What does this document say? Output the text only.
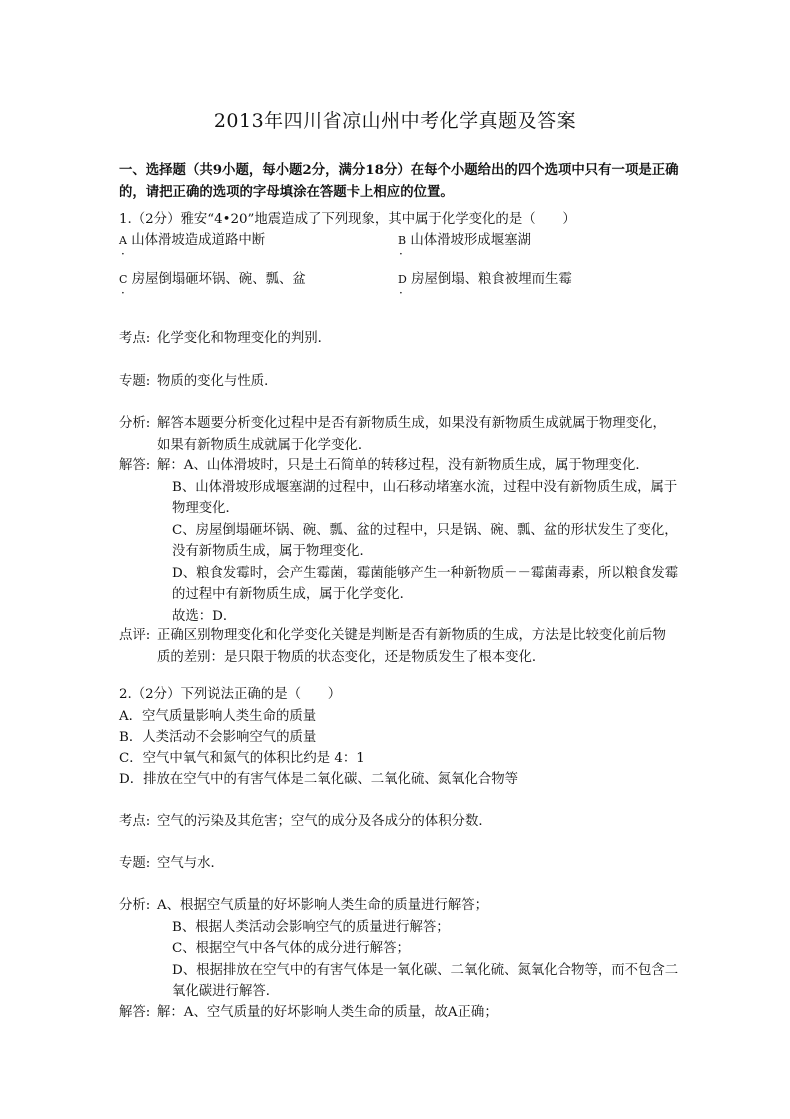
2013年四川省凉山州中考化学真题及答案
一、选择题（共9小题，每小题2分，满分18分）在每个小题给出的四个选项中只有一项是正确的，请把正确的选项的字母填涂在答题卡上相应的位置。
1.（2分）雅安“4•20”地震造成了下列现象，其中属于化学变化的是（　　）
A 山体滑坡造成道路中断	B 山体滑坡形成堰塞湖
·	·
C 房屋倒塌砸坏锅、碗、瓢、盆	D 房屋倒塌、粮食被埋而生霉
·	·
考点: 化学变化和物理变化的判别．
专题: 物质的变化与性质．
分析: 解答本题要分析变化过程中是否有新物质生成，如果没有新物质生成就属于物理变化，如果有新物质生成就属于化学变化．
解答: 解：A、山体滑坡时，只是土石简单的转移过程，没有新物质生成，属于物理变化．

B、山体滑坡形成堰塞湖的过程中，山石移动堵塞水流，过程中没有新物质生成，属于物理变化．

C、房屋倒塌砸坏锅、碗、瓢、盆的过程中，只是锅、碗、瓢、盆的形状发生了变化，没有新物质生成，属于物理变化．

D、粮食发霉时，会产生霉菌，霉菌能够产生一种新物质－－霉菌毒素，所以粮食发霉的过程中有新物质生成，属于化学变化．

故选：D．

点评: 正确区别物理变化和化学变化关键是判断是否有新物质的生成，方法是比较变化前后物质的差别：是只限于物质的状态变化，还是物质发生了根本变化．
2.（2分）下列说法正确的是（　　）
A．空气质量影响人类生命的质量
B．人类活动不会影响空气的质量
C．空气中氧气和氮气的体积比约是 4：1
D．排放在空气中的有害气体是二氧化碳、二氧化硫、氮氧化合物等
考点: 空气的污染及其危害；空气的成分及各成分的体积分数．
专题: 空气与水．
分析: A、根据空气质量的好坏影响人类生命的质量进行解答；

B、根据人类活动会影响空气的质量进行解答；

C、根据空气中各气体的成分进行解答；

D、根据排放在空气中的有害气体是一氧化碳、二氧化硫、氮氧化合物等，而不包含二氧化碳进行解答．

解答: 解：A、空气质量的好坏影响人类生命的质量，故A正确；
